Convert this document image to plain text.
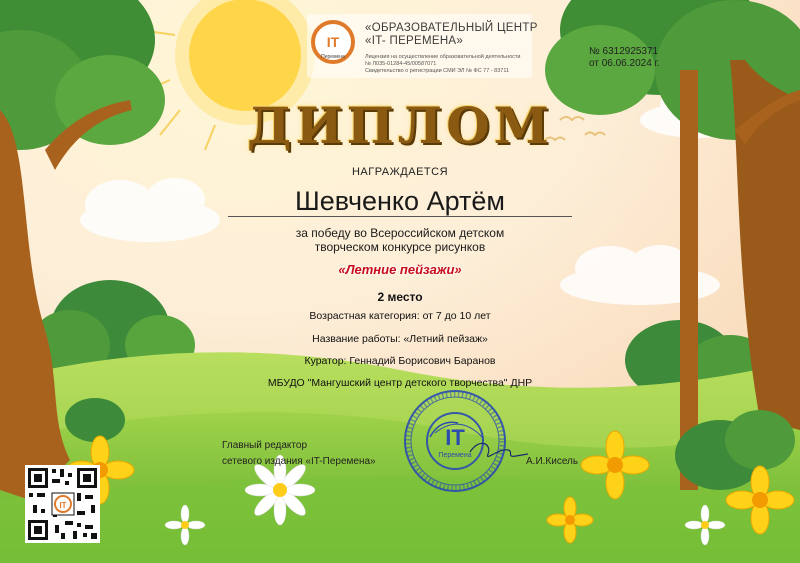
IT
Перемена
IT
IT
Перемена
«ОБРАЗОВАТЕЛЬНЫЙ ЦЕНТР
«IT- ПЕРЕМЕНА»
Лицензия на осуществление образовательной деятельности
№ Л035-01284-45/00587071
Свидетельство о регистрации СМИ ЭЛ № ФС 77 - 83711
№ 6312925371
от 06.06.2024 г.
ДИПЛОМ
НАГРАЖДАЕТСЯ
Шевченко Артём
за победу во Всероссийском детском
творческом конкурсе рисунков
«Летние пейзажи»
2 место
Возрастная категория: от 7 до 10 лет
Название работы: «Летний пейзаж»
Куратор: Геннадий Борисович Баранов
МБУДО "Мангушский центр детского творчества" ДНР
Главный редактор
сетевого издания «IT-Перемена»	А.И.Кисель
